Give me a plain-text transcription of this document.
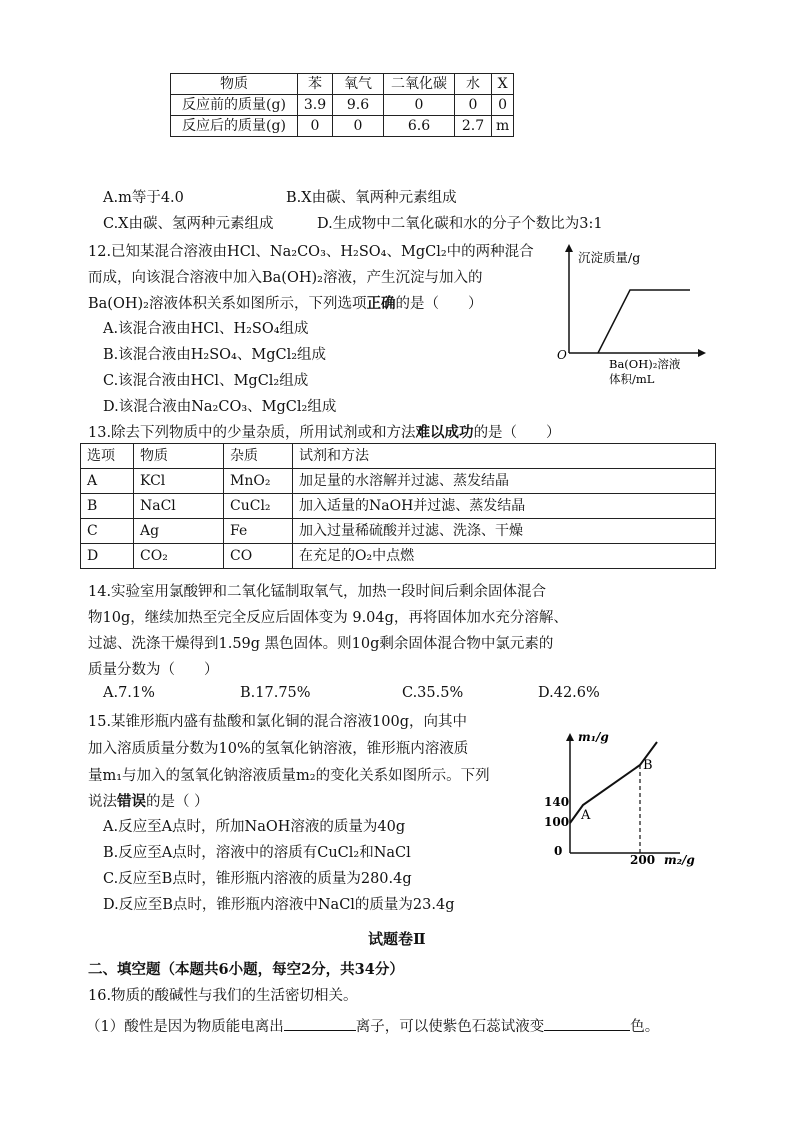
物质	苯	氧气	二氧化碳	水	X
反应前的质量(g)	3.9	9.6	0	0	0
反应后的质量(g)	0	0	6.6	2.7	m
A.m等于4.0	B.X由碳、氧两种元素组成
C.X由碳、氢两种元素组成	D.生成物中二氧化碳和水的分子个数比为3:1
12.已知某混合溶液由HCl、Na₂CO₃、H₂SO₄、MgCl₂中的两种混合
而成，向该混合溶液中加入Ba(OH)₂溶液，产生沉淀与加入的
Ba(OH)₂溶液体积关系如图所示，下列选项正确的是（　　）
A.该混合液由HCl、H₂SO₄组成
B.该混合液由H₂SO₄、MgCl₂组成
C.该混合液由HCl、MgCl₂组成
D.该混合液由Na₂CO₃、MgCl₂组成
沉淀质量/g
O
Ba(OH)₂溶液
体积/mL
13.除去下列物质中的少量杂质，所用试剂或和方法难以成功的是（　　）
选项	物质	杂质	试剂和方法
A	KCl	MnO₂	加足量的水溶解并过滤、蒸发结晶
B	NaCl	CuCl₂	加入适量的NaOH并过滤、蒸发结晶
C	Ag	Fe	加入过量稀硫酸并过滤、洗涤、干燥
D	CO₂	CO	在充足的O₂中点燃
14.实验室用氯酸钾和二氧化锰制取氧气，加热一段时间后剩余固体混合
物10g，继续加热至完全反应后固体变为 9.04g，再将固体加水充分溶解、
过滤、洗涤干燥得到1.59g 黑色固体。则10g剩余固体混合物中氯元素的
质量分数为（　　）
A.7.1%	B.17.75%	C.35.5%	D.42.6%
15.某锥形瓶内盛有盐酸和氯化铜的混合溶液100g，向其中
加入溶质质量分数为10%的氢氧化钠溶液，锥形瓶内溶液质
量m₁与加入的氢氧化钠溶液质量m₂的变化关系如图所示。下列
说法错误的是（ ）
A.反应至A点时，所加NaOH溶液的质量为40g
B.反应至A点时，溶液中的溶质有CuCl₂和NaCl
C.反应至B点时，锥形瓶内溶液的质量为280.4g
D.反应至B点时，锥形瓶内溶液中NaCl的质量为23.4g
m₁/g
140
100
0
200 m₂/g
A
B
试题卷Ⅱ
二、填空题（本题共6小题，每空2分，共34分）
16.物质的酸碱性与我们的生活密切相关。
（1）酸性是因为物质能电离出	离子，可以使紫色石蕊试液变	色。
